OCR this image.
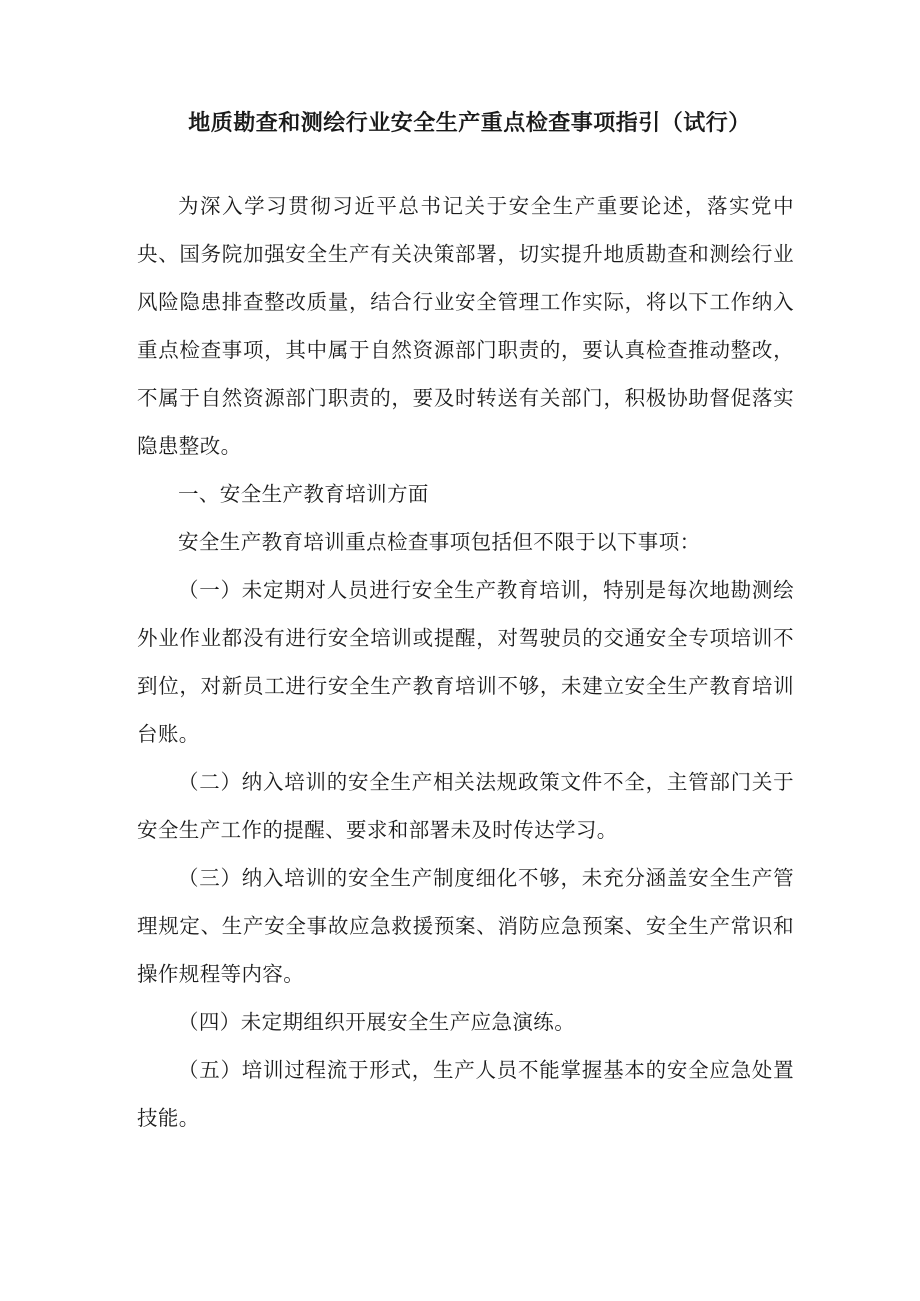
地质勘查和测绘行业安全生产重点检查事项指引（试行）

为深入学习贯彻习近平总书记关于安全生产重要论述，落实党中央、国务院加强安全生产有关决策部署，切实提升地质勘查和测绘行业风险隐患排查整改质量，结合行业安全管理工作实际，将以下工作纳入重点检查事项，其中属于自然资源部门职责的，要认真检查推动整改，不属于自然资源部门职责的，要及时转送有关部门，积极协助督促落实隐患整改。

一、安全生产教育培训方面

安全生产教育培训重点检查事项包括但不限于以下事项：

（一）未定期对人员进行安全生产教育培训，特别是每次地勘测绘外业作业都没有进行安全培训或提醒，对驾驶员的交通安全专项培训不到位，对新员工进行安全生产教育培训不够，未建立安全生产教育培训台账。

（二）纳入培训的安全生产相关法规政策文件不全，主管部门关于安全生产工作的提醒、要求和部署未及时传达学习。

（三）纳入培训的安全生产制度细化不够，未充分涵盖安全生产管理规定、生产安全事故应急救援预案、消防应急预案、安全生产常识和操作规程等内容。

（四）未定期组织开展安全生产应急演练。

（五）培训过程流于形式，生产人员不能掌握基本的安全应急处置技能。
